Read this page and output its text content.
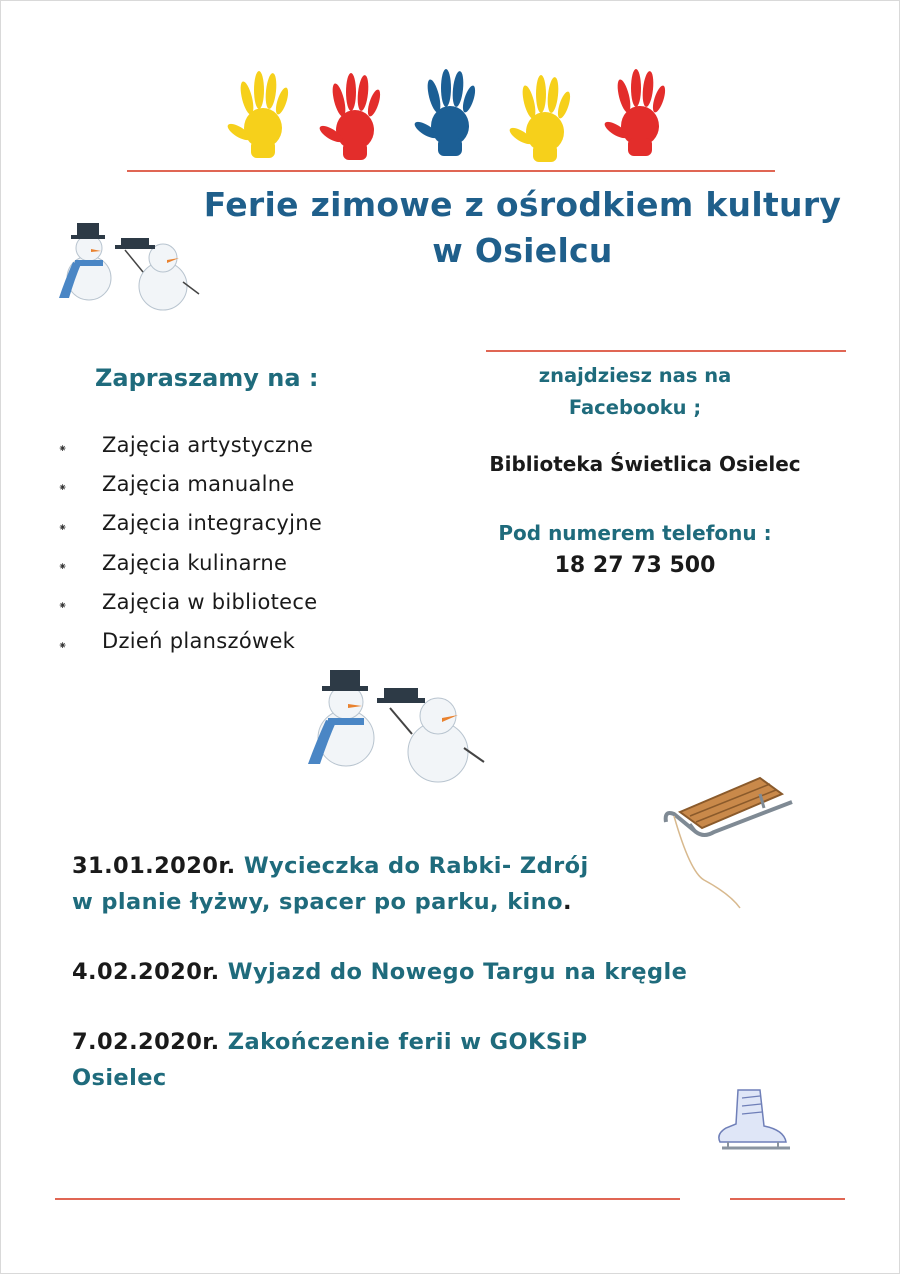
Ferie zimowe z ośrodkiem kultury
w Osielcu
Zapraszamy na :
⁕	Zajęcia artystyczne
⁕	Zajęcia manualne
⁕	Zajęcia integracyjne
⁕	Zajęcia kulinarne
⁕	Zajęcia w bibliotece
⁕	Dzień planszówek
znajdziesz nas na
Facebooku ;
Biblioteka Świetlica Osielec
Pod numerem telefonu :
18 27 73 500
31.01.2020r. Wycieczka do Rabki- Zdrój
w planie łyżwy, spacer po parku, kino.
4.02.2020r. Wyjazd do Nowego Targu na kręgle
7.02.2020r. Zakończenie ferii w GOKSiP
Osielec
